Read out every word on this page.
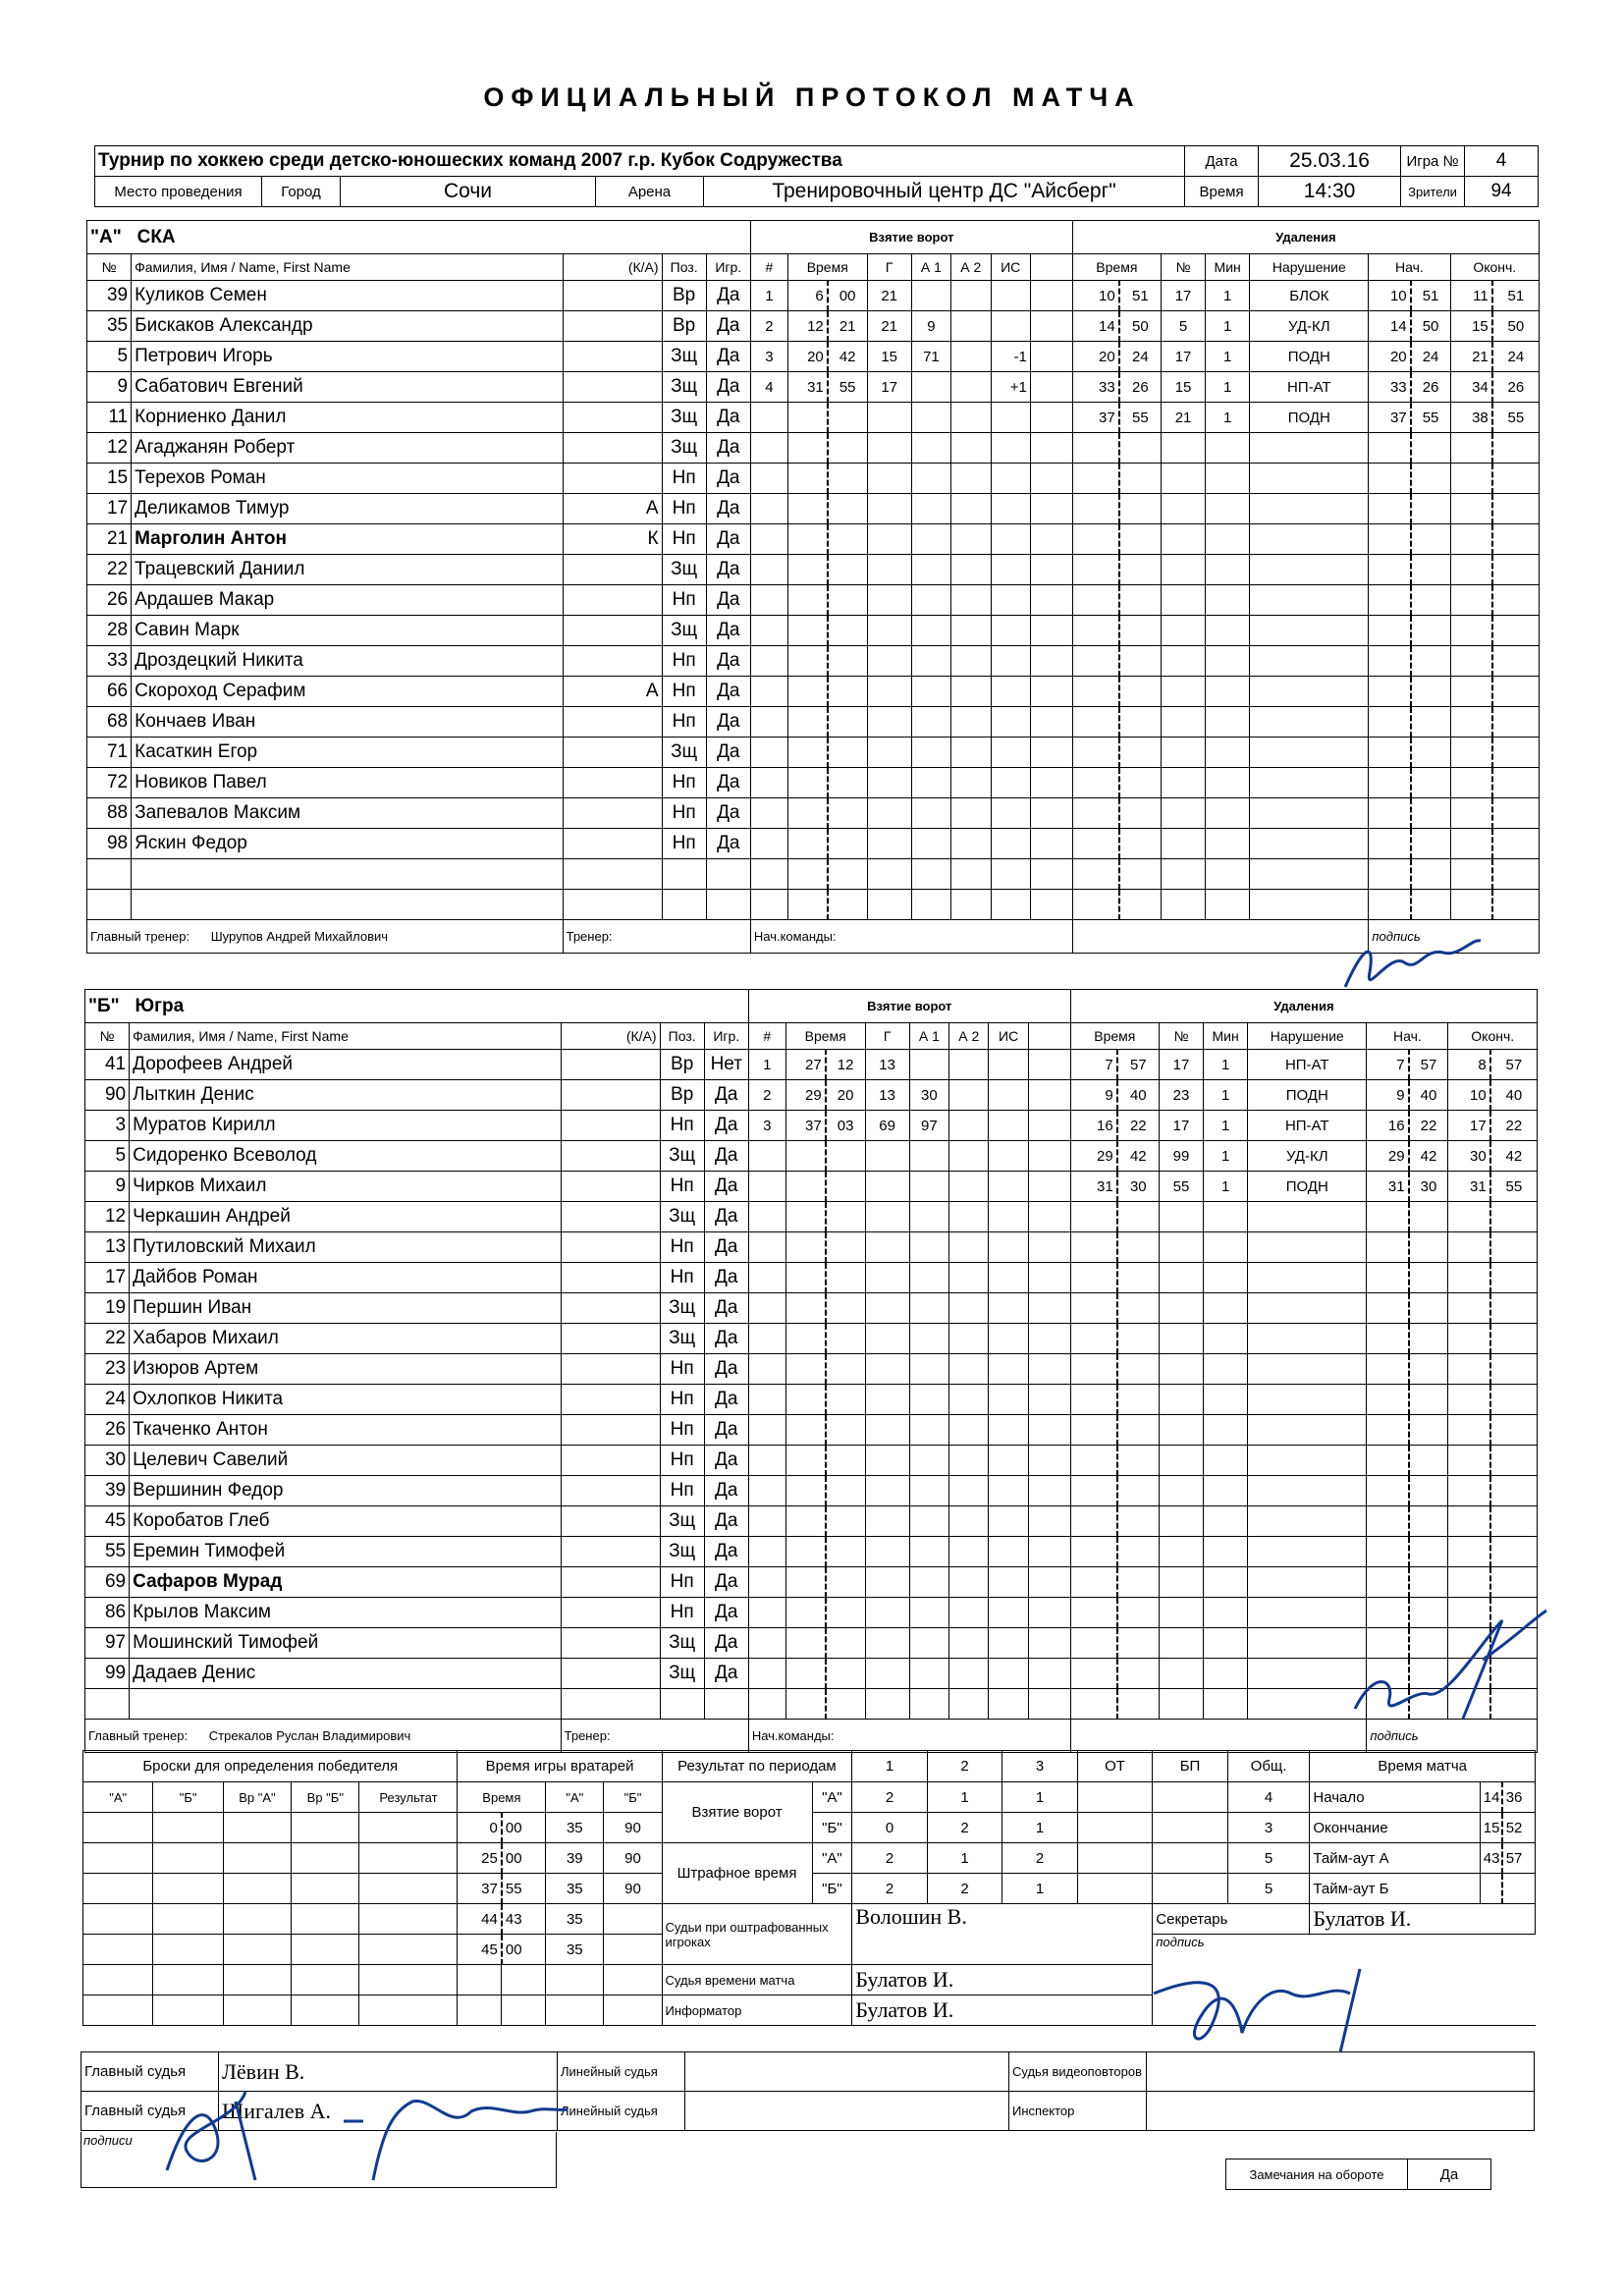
ОФИЦИАЛЬНЫЙ ПРОТОКОЛ МАТЧА
Турнир по хоккею среди детско-юношеских команд 2007 г.р. Кубок Содружества					Дата	25.03.16	Игра №	4
Место проведения	Город	Сочи	Арена	Тренировочный центр ДС "Айсберг"	Время	14:30	Зрители	94
"А" СКА					Взятие ворот								Удаления								
№	Фамилия, Имя / Name, First Name	(К/А)	Поз.	Игр.	#	Время		Г	А 1	А 2	ИС		Время		№	Мин	Нарушение	Нач.		Оконч.	
39	Куликов Семен		Вр	Да	1	6	00	21					10	51	17	1	БЛОК	10	51	11	51
35	Бискаков Александр		Вр	Да	2	12	21	21	9				14	50	5	1	УД-КЛ	14	50	15	50
5	Петрович Игорь		Зщ	Да	3	20	42	15	71		-1		20	24	17	1	ПОДН	20	24	21	24
9	Сабатович Евгений		Зщ	Да	4	31	55	17			+1		33	26	15	1	НП-АТ	33	26	34	26
11	Корниенко Данил		Зщ	Да									37	55	21	1	ПОДН	37	55	38	55
12	Агаджанян Роберт		Зщ	Да																	
15	Терехов Роман		Нп	Да																	
17	Деликамов Тимур	А	Нп	Да																	
21	Марголин Антон	К	Нп	Да																	
22	Трацевский Даниил		Зщ	Да																	
26	Ардашев Макар		Нп	Да																	
28	Савин Марк		Зщ	Да																	
33	Дроздецкий Никита		Нп	Да																	
66	Скороход Серафим	А	Нп	Да																	
68	Кончаев Иван		Нп	Да																	
71	Касаткин Егор		Зщ	Да																	
72	Новиков Павел		Нп	Да																	
88	Запевалов Максим		Нп	Да																	
98	Яскин Федор		Нп	Да																	

Главный тренер: Шурупов Андрей Михайлович		Тренер:			Нач.команды:													подпись			
"Б" Югра					Взятие ворот								Удаления								
№	Фамилия, Имя / Name, First Name	(К/А)	Поз.	Игр.	#	Время		Г	А 1	А 2	ИС		Время		№	Мин	Нарушение	Нач.		Оконч.	
41	Дорофеев Андрей		Вр	Нет	1	27	12	13					7	57	17	1	НП-АТ	7	57	8	57
90	Лыткин Денис		Вр	Да	2	29	20	13	30				9	40	23	1	ПОДН	9	40	10	40
3	Муратов Кирилл		Нп	Да	3	37	03	69	97				16	22	17	1	НП-АТ	16	22	17	22
5	Сидоренко Всеволод		Зщ	Да									29	42	99	1	УД-КЛ	29	42	30	42
9	Чирков Михаил		Нп	Да									31	30	55	1	ПОДН	31	30	31	55
12	Черкашин Андрей		Зщ	Да																	
13	Путиловский Михаил		Нп	Да																	
17	Дайбов Роман		Нп	Да																	
19	Першин Иван		Зщ	Да																	
22	Хабаров Михаил		Зщ	Да																	
23	Изюров Артем		Нп	Да																	
24	Охлопков Никита		Нп	Да																	
26	Ткаченко Антон		Нп	Да																	
30	Целевич Савелий		Нп	Да																	
39	Вершинин Федор		Нп	Да																	
45	Коробатов Глеб		Зщ	Да																	
55	Еремин Тимофей		Зщ	Да																	
69	Сафаров Мурад		Нп	Да																	
86	Крылов Максим		Нп	Да																	
97	Мошинский Тимофей		Зщ	Да																	
99	Дадаев Денис		Зщ	Да																	

Главный тренер: Стрекалов Руслан Владимирович		Тренер:			Нач.команды:													подпись			
Броски для определения победителя					Время игры вратарей				Результат по периодам		1	2	3	ОТ	БП	Общ.	Время матча		
"А"	"Б"	Вр "А"	Вр "Б"	Результат	Время		"А"	"Б"	Взятие ворот	"А"	2	1	1			4	Начало	14	36
					0	00	35	90		"Б"	0	2	1			3	Окончание	15	52
					25	00	39	90	Штрафное время	"А"	2	1	2			5	Тайм-аут А	43	57
					37	55	35	90		"Б"	2	2	1			5	Тайм-аут Б		
					44	43	35		Судьи при оштрафованных игроках		Волошин В.				Секретарь		Булатов И.		
					45	00	35								подпись				
									Судья времени матча		Булатов И.								
									Информатор		Булатов И.								
Главный судья	Лёвин В.	Линейный судья		Судья видеоповторов	
Главный судья	Шигалев А.	Линейный судья		Инспектор	
подписи
Замечания на обороте	Да
